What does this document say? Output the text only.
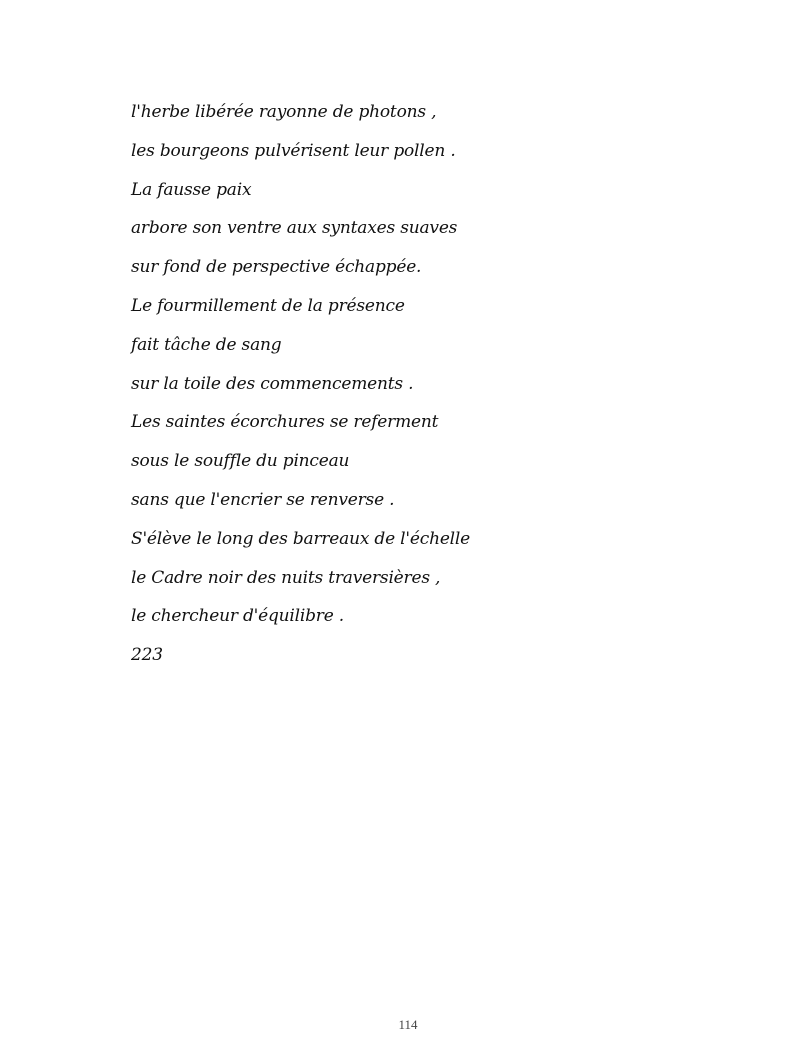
l'herbe libérée rayonne de photons ,
les bourgeons pulvérisent leur pollen .
La fausse paix
arbore son ventre aux syntaxes suaves
sur fond de perspective échappée.
Le fourmillement de la présence
fait tâche de sang
sur la toile des commencements .
Les saintes écorchures se referment
sous le souffle du pinceau
sans que l'encrier se renverse .
S'élève le long des barreaux de l'échelle
le Cadre noir des nuits traversières ,
le chercheur d'équilibre .
223
114
